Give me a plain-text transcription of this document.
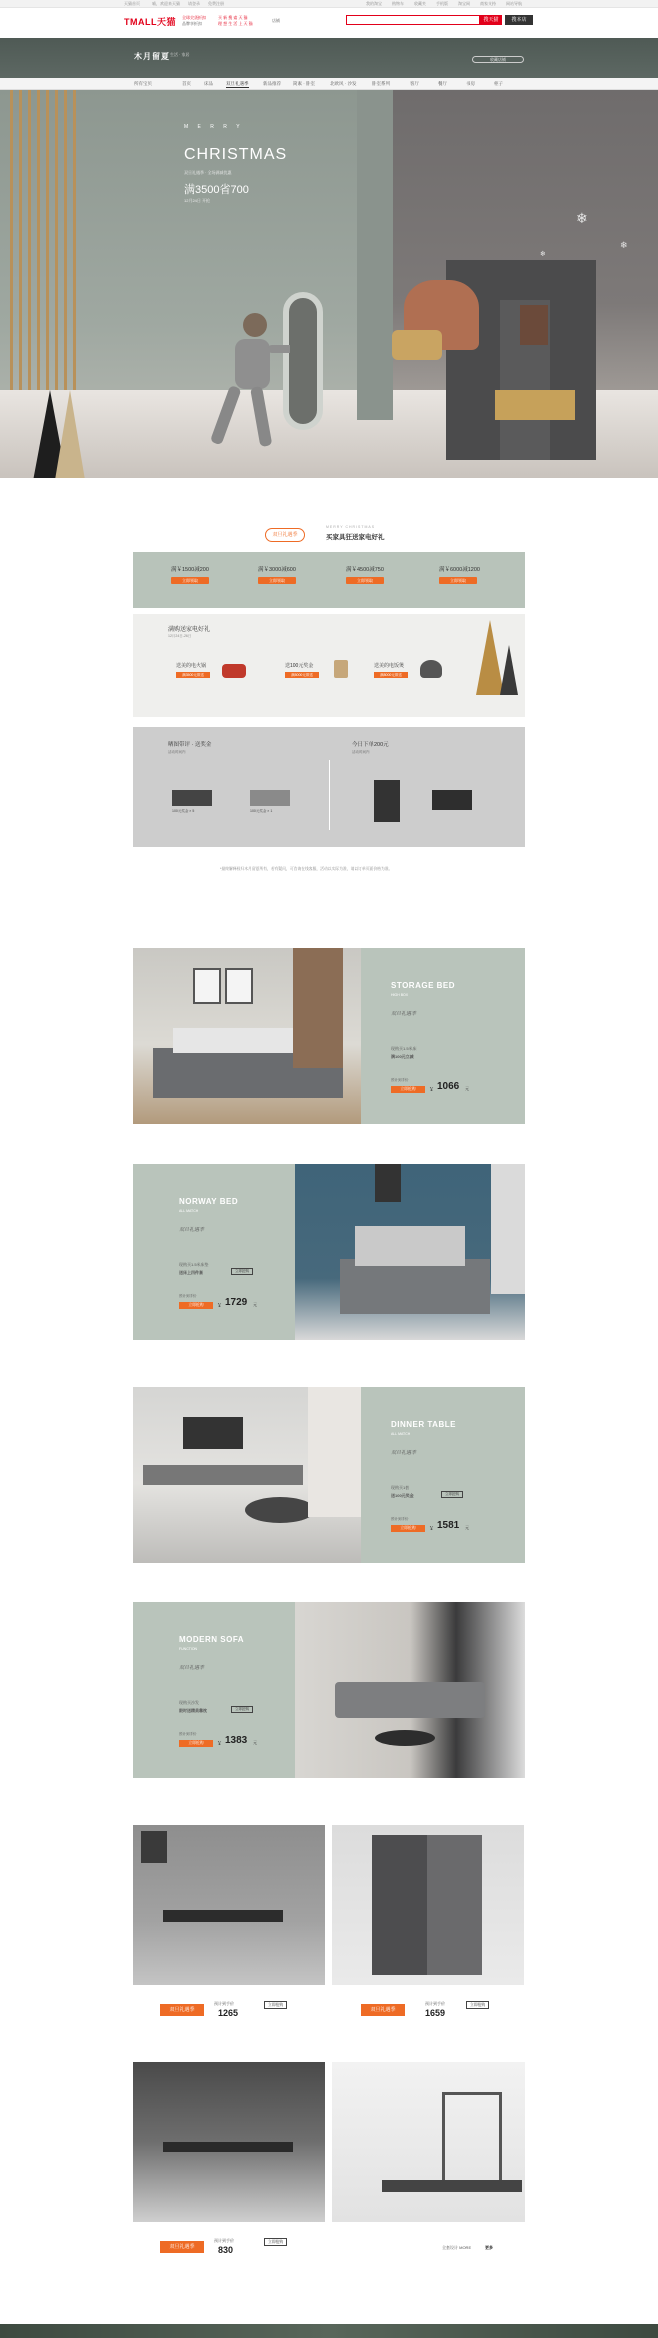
天猫首页	喵，欢迎来天猫 请登录 免费注册	我的淘宝	购物车	收藏夹	手机版	淘宝网	商家支持	网站导航
TMALL天猫 全球尖货折扣
品牌享折扣
买 新 搜 索 天 猫
理 想 生 活 上 天 猫
店铺	搜天猫	搜本店
木月留夏 生活 · 家居
收藏店铺
所有宝贝	首页	床品	双旦礼遇季	新品推荐	简素 · 卧室	北欧风 · 沙发	卧室系列	客厅	餐厅	书房	柜子
❄
❄
❄
M E R R Y
CHRISTMAS
双旦礼遇季 · 全场满减优惠
满3500省700
12月24日 开抢
双旦礼遇季
MERRY CHRISTMAS
买家具狂送家电好礼
满￥1500减200
立即领取
满￥3000减600
立即领取
满￥4500减750
立即领取
满￥6000减1200
立即领取
满购送家电好礼
12月24日-26日
送美的电火锅
满3500元即送
送100元奖金
满5000元即送
送美的电饭煲
满8000元即送
晒图带评 · 送奖金
活动时间内
今日下单200元
活动时间内
100元奖金 × 5	100元奖金 × 1
*最终解释权归木月留夏所有，若有疑问，可咨询在线客服，活动以实际为准，请以订单页面价格为准。
STORAGE BED
HIGH BOX
双旦礼遇季
现购买1.5米床
满100元立减
预计到手价
立即抢购	￥ 1066 元
NORWAY BED
ALL MATCH
双旦礼遇季
现购买1.5米床垫
送床上四件套	立即抢购
预计到手价
立即抢购	￥ 1729 元
DINNER TABLE
ALL MATCH
双旦礼遇季
现购买1套
送100元奖金	立即抢购
预计到手价
立即抢购	￥ 1581 元
MODERN SOFA
FUNCTION
双旦礼遇季
现购买沙发
限时送精美靠枕	立即抢购
预计到手价
立即抢购	￥ 1383 元
双旦礼遇季
预计到手价
1265
立即抢购
双旦礼遇季
预计到手价
1659
立即抢购
双旦礼遇季
预计到手价
830
立即抢购
全套设计 MORE	更多
